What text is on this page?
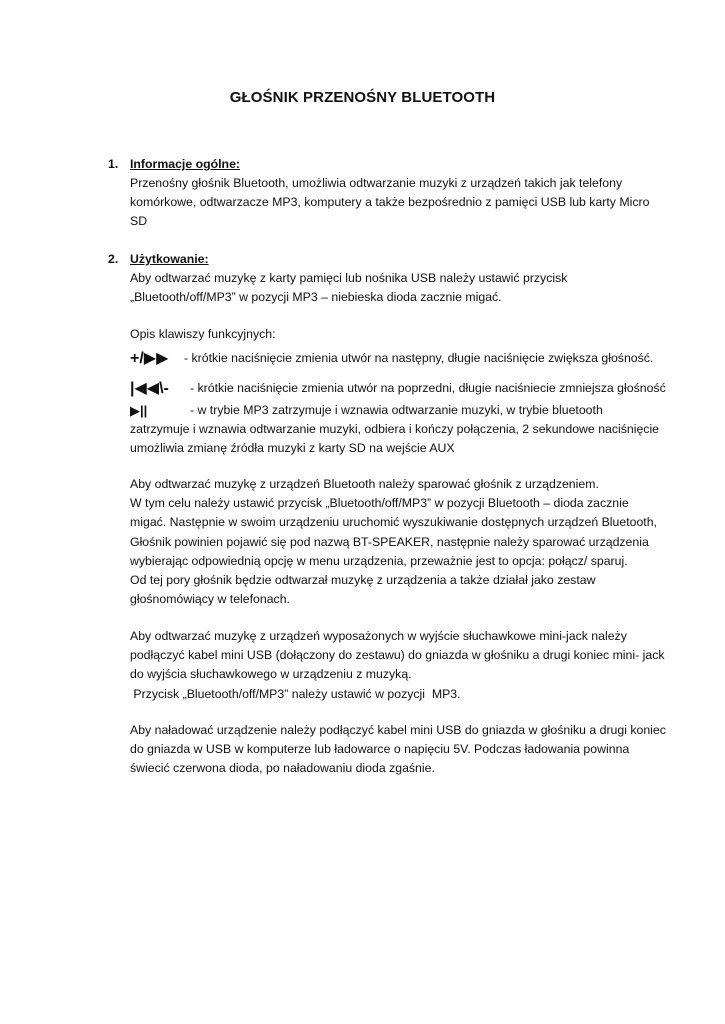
GŁOŚNIK PRZENOŚNY BLUETOOTH
1. Informacje ogólne:

Przenośny głośnik Bluetooth, umożliwia odtwarzanie muzyki z urządzeń takich jak telefony

komórkowe, odtwarzacze MP3, komputery a także bezpośrednio z pamięci USB lub karty Micro

SD

2. Użytkowanie:

Aby odtwarzać muzykę z karty pamięci lub nośnika USB należy ustawić przycisk

„Bluetooth/off/MP3” w pozycji MP3 – niebieska dioda zacznie migać.

Opis klawiszy funkcyjnych:

+/▶▶ - krótkie naciśnięcie zmienia utwór na następny, długie naciśnięcie zwiększa głośność.
|◀◀\- - krótkie naciśnięcie zmienia utwór na poprzedni, długie naciśniecie zmniejsza głośność
▶||	- w trybie MP3 zatrzymuje i wznawia odtwarzanie muzyki, w trybie bluetooth

zatrzymuje i wznawia odtwarzanie muzyki, odbiera i kończy połączenia, 2 sekundowe naciśnięcie

umożliwia zmianę źródła muzyki z karty SD na wejście AUX

Aby odtwarzać muzykę z urządzeń Bluetooth należy sparować głośnik z urządzeniem.

W tym celu należy ustawić przycisk „Bluetooth/off/MP3” w pozycji Bluetooth – dioda zacznie

migać. Następnie w swoim urządzeniu uruchomić wyszukiwanie dostępnych urządzeń Bluetooth,

Głośnik powinien pojawić się pod nazwą BT-SPEAKER, następnie należy sparować urządzenia

wybierając odpowiednią opcję w menu urządzenia, przeważnie jest to opcja: połącz/ sparuj.

Od tej pory głośnik będzie odtwarzał muzykę z urządzenia a także działał jako zestaw

głośnomówiący w telefonach.

Aby odtwarzać muzykę z urządzeń wyposażonych w wyjście słuchawkowe mini-jack należy

podłączyć kabel mini USB (dołączony do zestawu) do gniazda w głośniku a drugi koniec mini- jack

do wyjścia słuchawkowego w urządzeniu z muzyką.

Przycisk „Bluetooth/off/MP3” należy ustawić w pozycji  MP3.

Aby naładować urządzenie należy podłączyć kabel mini USB do gniazda w głośniku a drugi koniec

do gniazda w USB w komputerze lub ładowarce o napięciu 5V. Podczas ładowania powinna

świecić czerwona dioda, po naładowaniu dioda zgaśnie.
